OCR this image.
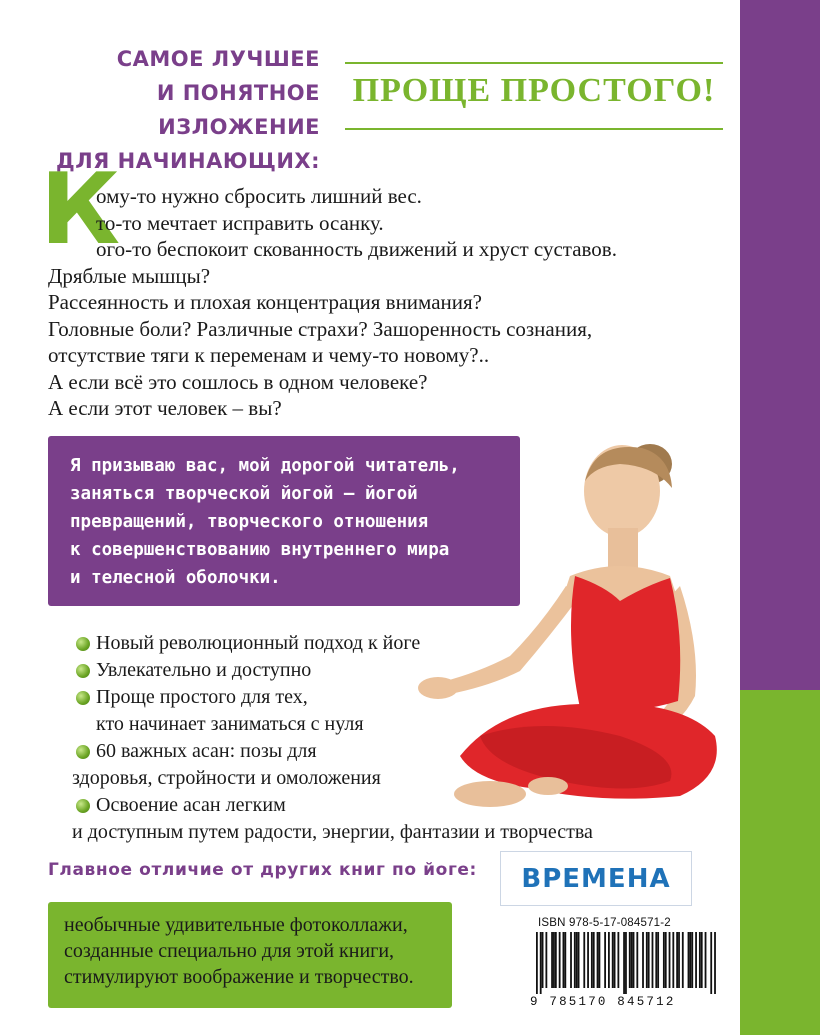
САМОЕ ЛУЧШЕЕ
И ПОНЯТНОЕ ИЗЛОЖЕНИЕ
ДЛЯ НАЧИНАЮЩИХ:
ПРОЩЕ ПРОСТОГО!
К
ому-то нужно сбросить лишний вес.
то-то мечтает исправить осанку.
ого-то беспокоит скованность движений и хруст суставов.
Дряблые мышцы?
Рассеянность и плохая концентрация внимания?
Головные боли? Различные страхи? Зашоренность сознания,
отсутствие тяги к переменам и чему-то новому?..
А если всё это сошлось в одном человеке?
А если этот человек – вы?

Я призываю вас, мой дорогой читатель,

заняться творческой йогой – йогой

превращений, творческого отношения

к совершенствованию внутреннего мира

и телесной оболочки.

Новый революционный подход к йоге
Увлекательно и доступно
Проще простого для тех,
кто начинает заниматься с нуля
60 важных асан: позы для
здоровья, стройности и омоложения
Освоение асан легким
и доступным путем радости, энергии, фантазии и творчества
Главное отличие от других книг по йоге:

необычные удивительные фотоколлажи,

созданные специально для этой книги,

стимулируют воображение и творчество.

ВРЕМЕНА
ISBN 978-5-17-084571-2
9 785170 845712
